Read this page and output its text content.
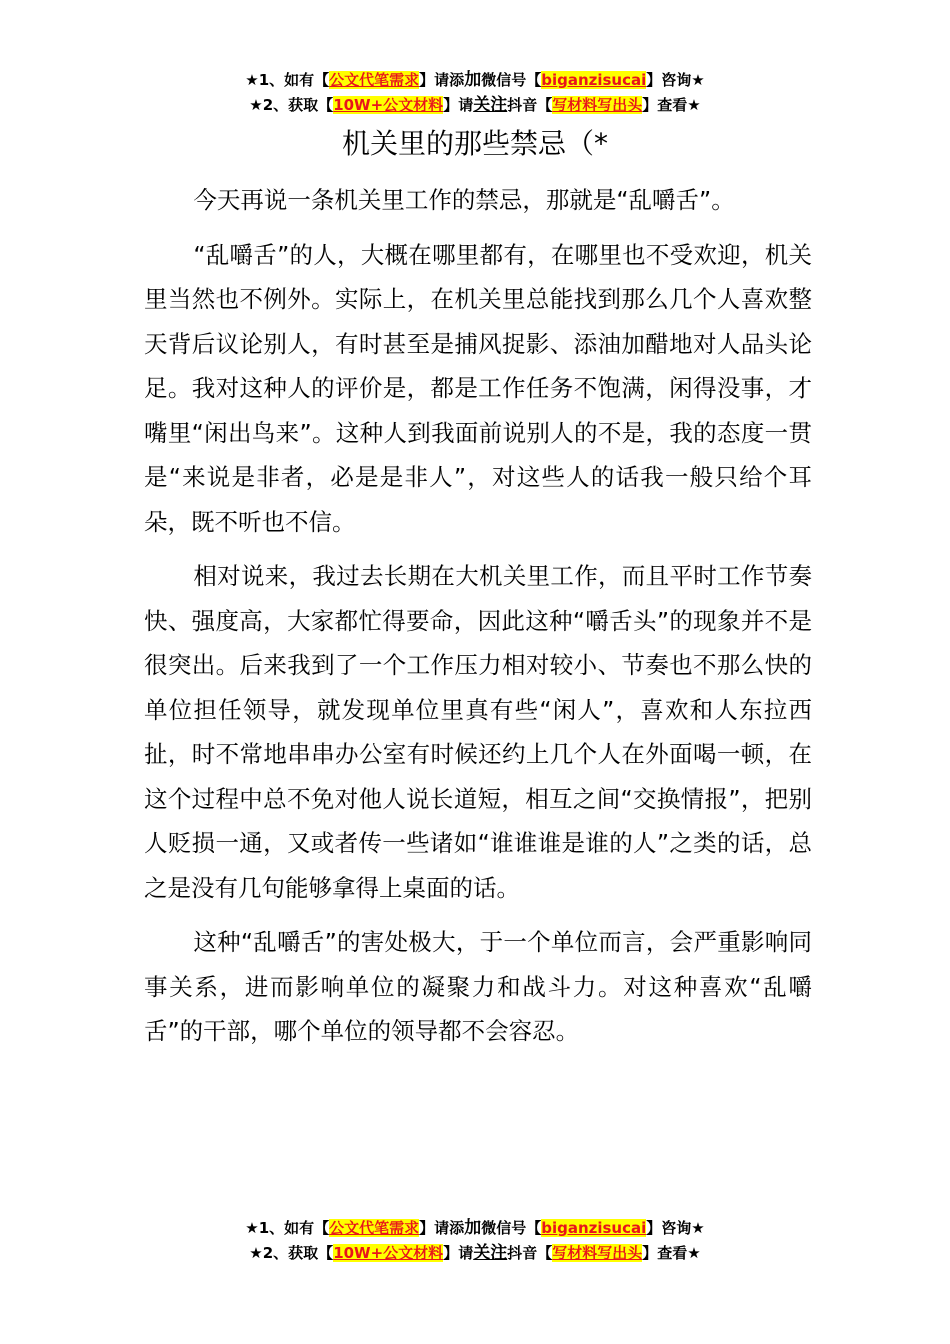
★1、如有【公文代笔需求】请添加微信号【biganzisucai】咨询★
★2、获取【10W+公文材料】请关注抖音【写材料写出头】查看★
机关里的那些禁忌（*

今天再说一条机关里工作的禁忌，那就是“乱嚼舌”。

“乱嚼舌”的人，大概在哪里都有，在哪里也不受欢迎，机关里当然也不例外。实际上，在机关里总能找到那么几个人喜欢整天背后议论别人，有时甚至是捕风捉影、添油加醋地对人品头论足。我对这种人的评价是，都是工作任务不饱满，闲得没事，才嘴里“闲出鸟来”。这种人到我面前说别人的不是，我的态度一贯是“来说是非者，必是是非人”，对这些人的话我一般只给个耳朵，既不听也不信。

相对说来，我过去长期在大机关里工作，而且平时工作节奏快、强度高，大家都忙得要命，因此这种“嚼舌头”的现象并不是很突出。后来我到了一个工作压力相对较小、节奏也不那么快的单位担任领导，就发现单位里真有些“闲人”，喜欢和人东拉西扯，时不常地串串办公室有时候还约上几个人在外面喝一顿，在这个过程中总不免对他人说长道短，相互之间“交换情报”，把别人贬损一通，又或者传一些诸如“谁谁谁是谁的人”之类的话，总之是没有几句能够拿得上桌面的话。

这种“乱嚼舌”的害处极大，于一个单位而言，会严重影响同事关系，进而影响单位的凝聚力和战斗力。对这种喜欢“乱嚼舌”的干部，哪个单位的领导都不会容忍。

★1、如有【公文代笔需求】请添加微信号【biganzisucai】咨询★
★2、获取【10W+公文材料】请关注抖音【写材料写出头】查看★
